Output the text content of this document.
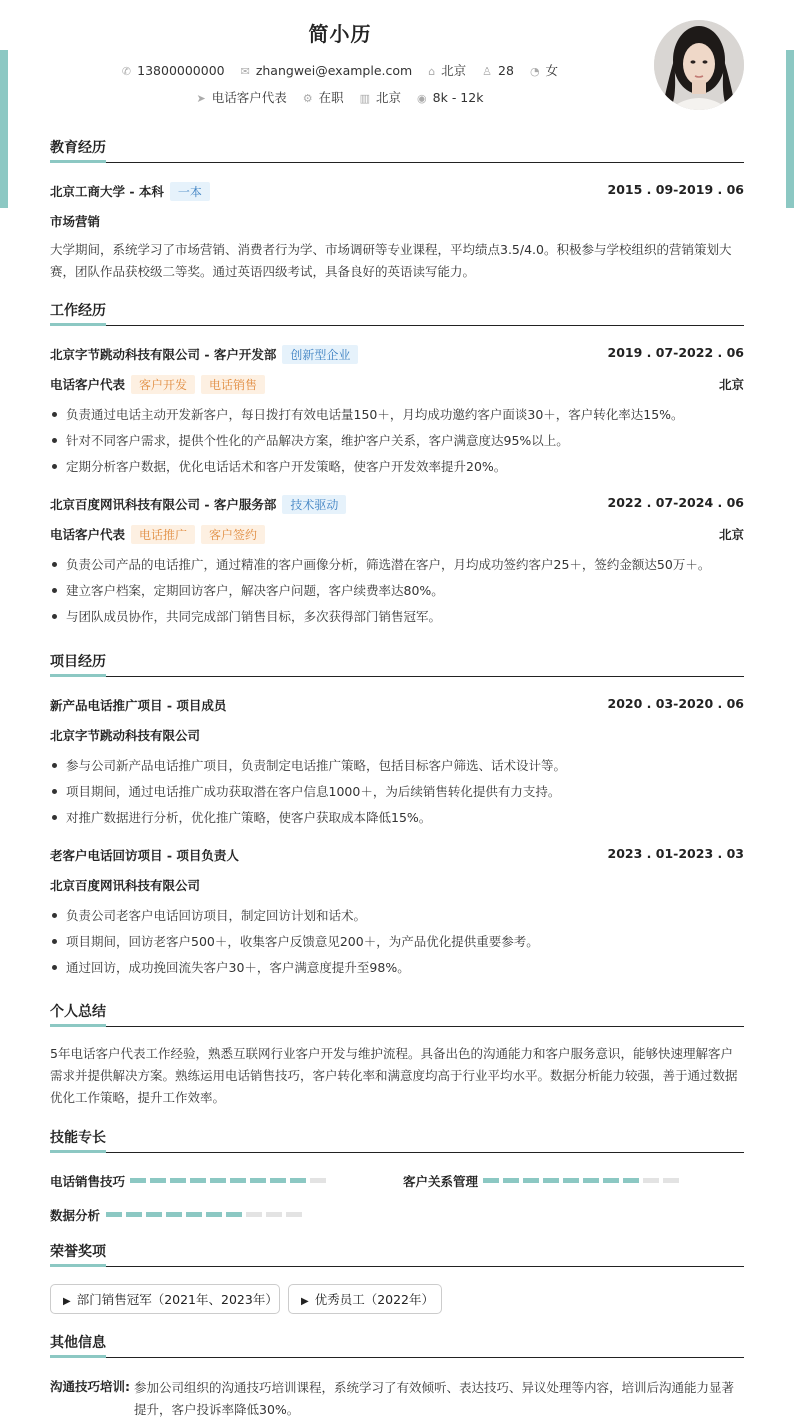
简小历
✆ 13800000000 ✉ zhangwei@example.com ⌂ 北京 ♙ 28 ◔ 女
➤ 电话客户代表 ⚙ 在职 ▥ 北京 ◉ 8k - 12k
教育经历
北京工商大学 - 本科 一本	2015 . 09-2019 . 06
市场营销
大学期间，系统学习了市场营销、消费者行为学、市场调研等专业课程，平均绩点3.5/4.0。积极参与学校组织的营销策划大赛，团队作品获校级二等奖。通过英语四级考试，具备良好的英语读写能力。
工作经历
北京字节跳动科技有限公司 - 客户开发部 创新型企业	2019 . 07-2022 . 06
电话客户代表 客户开发 电话销售	北京
负责通过电话主动开发新客户，每日拨打有效电话量150＋，月均成功邀约客户面谈30＋，客户转化率达15%。
针对不同客户需求，提供个性化的产品解决方案，维护客户关系，客户满意度达95%以上。
定期分析客户数据，优化电话话术和客户开发策略，使客户开发效率提升20%。
北京百度网讯科技有限公司 - 客户服务部 技术驱动	2022 . 07-2024 . 06
电话客户代表 电话推广 客户签约	北京
负责公司产品的电话推广，通过精准的客户画像分析，筛选潜在客户，月均成功签约客户25＋，签约金额达50万＋。
建立客户档案，定期回访客户，解决客户问题，客户续费率达80%。
与团队成员协作，共同完成部门销售目标，多次获得部门销售冠军。
项目经历
新产品电话推广项目 - 项目成员	2020 . 03-2020 . 06
北京字节跳动科技有限公司
参与公司新产品电话推广项目，负责制定电话推广策略，包括目标客户筛选、话术设计等。
项目期间，通过电话推广成功获取潜在客户信息1000＋，为后续销售转化提供有力支持。
对推广数据进行分析，优化推广策略，使客户获取成本降低15%。
老客户电话回访项目 - 项目负责人	2023 . 01-2023 . 03
北京百度网讯科技有限公司
负责公司老客户电话回访项目，制定回访计划和话术。
项目期间，回访老客户500＋，收集客户反馈意见200＋，为产品优化提供重要参考。
通过回访，成功挽回流失客户30＋，客户满意度提升至98%。
个人总结
5年电话客户代表工作经验，熟悉互联网行业客户开发与维护流程。具备出色的沟通能力和客户服务意识，能够快速理解客户需求并提供解决方案。熟练运用电话销售技巧，客户转化率和满意度均高于行业平均水平。数据分析能力较强，善于通过数据优化工作策略，提升工作效率。
技能专长
电话销售技巧	客户关系管理
数据分析
荣誉奖项
▶ 部门销售冠军（2021年、2023年）	▶ 优秀员工（2022年）
其他信息
沟通技巧培训: 参加公司组织的沟通技巧培训课程，系统学习了有效倾听、表达技巧、异议处理等内容，培训后沟通能力显著提升，客户投诉率降低30%。
